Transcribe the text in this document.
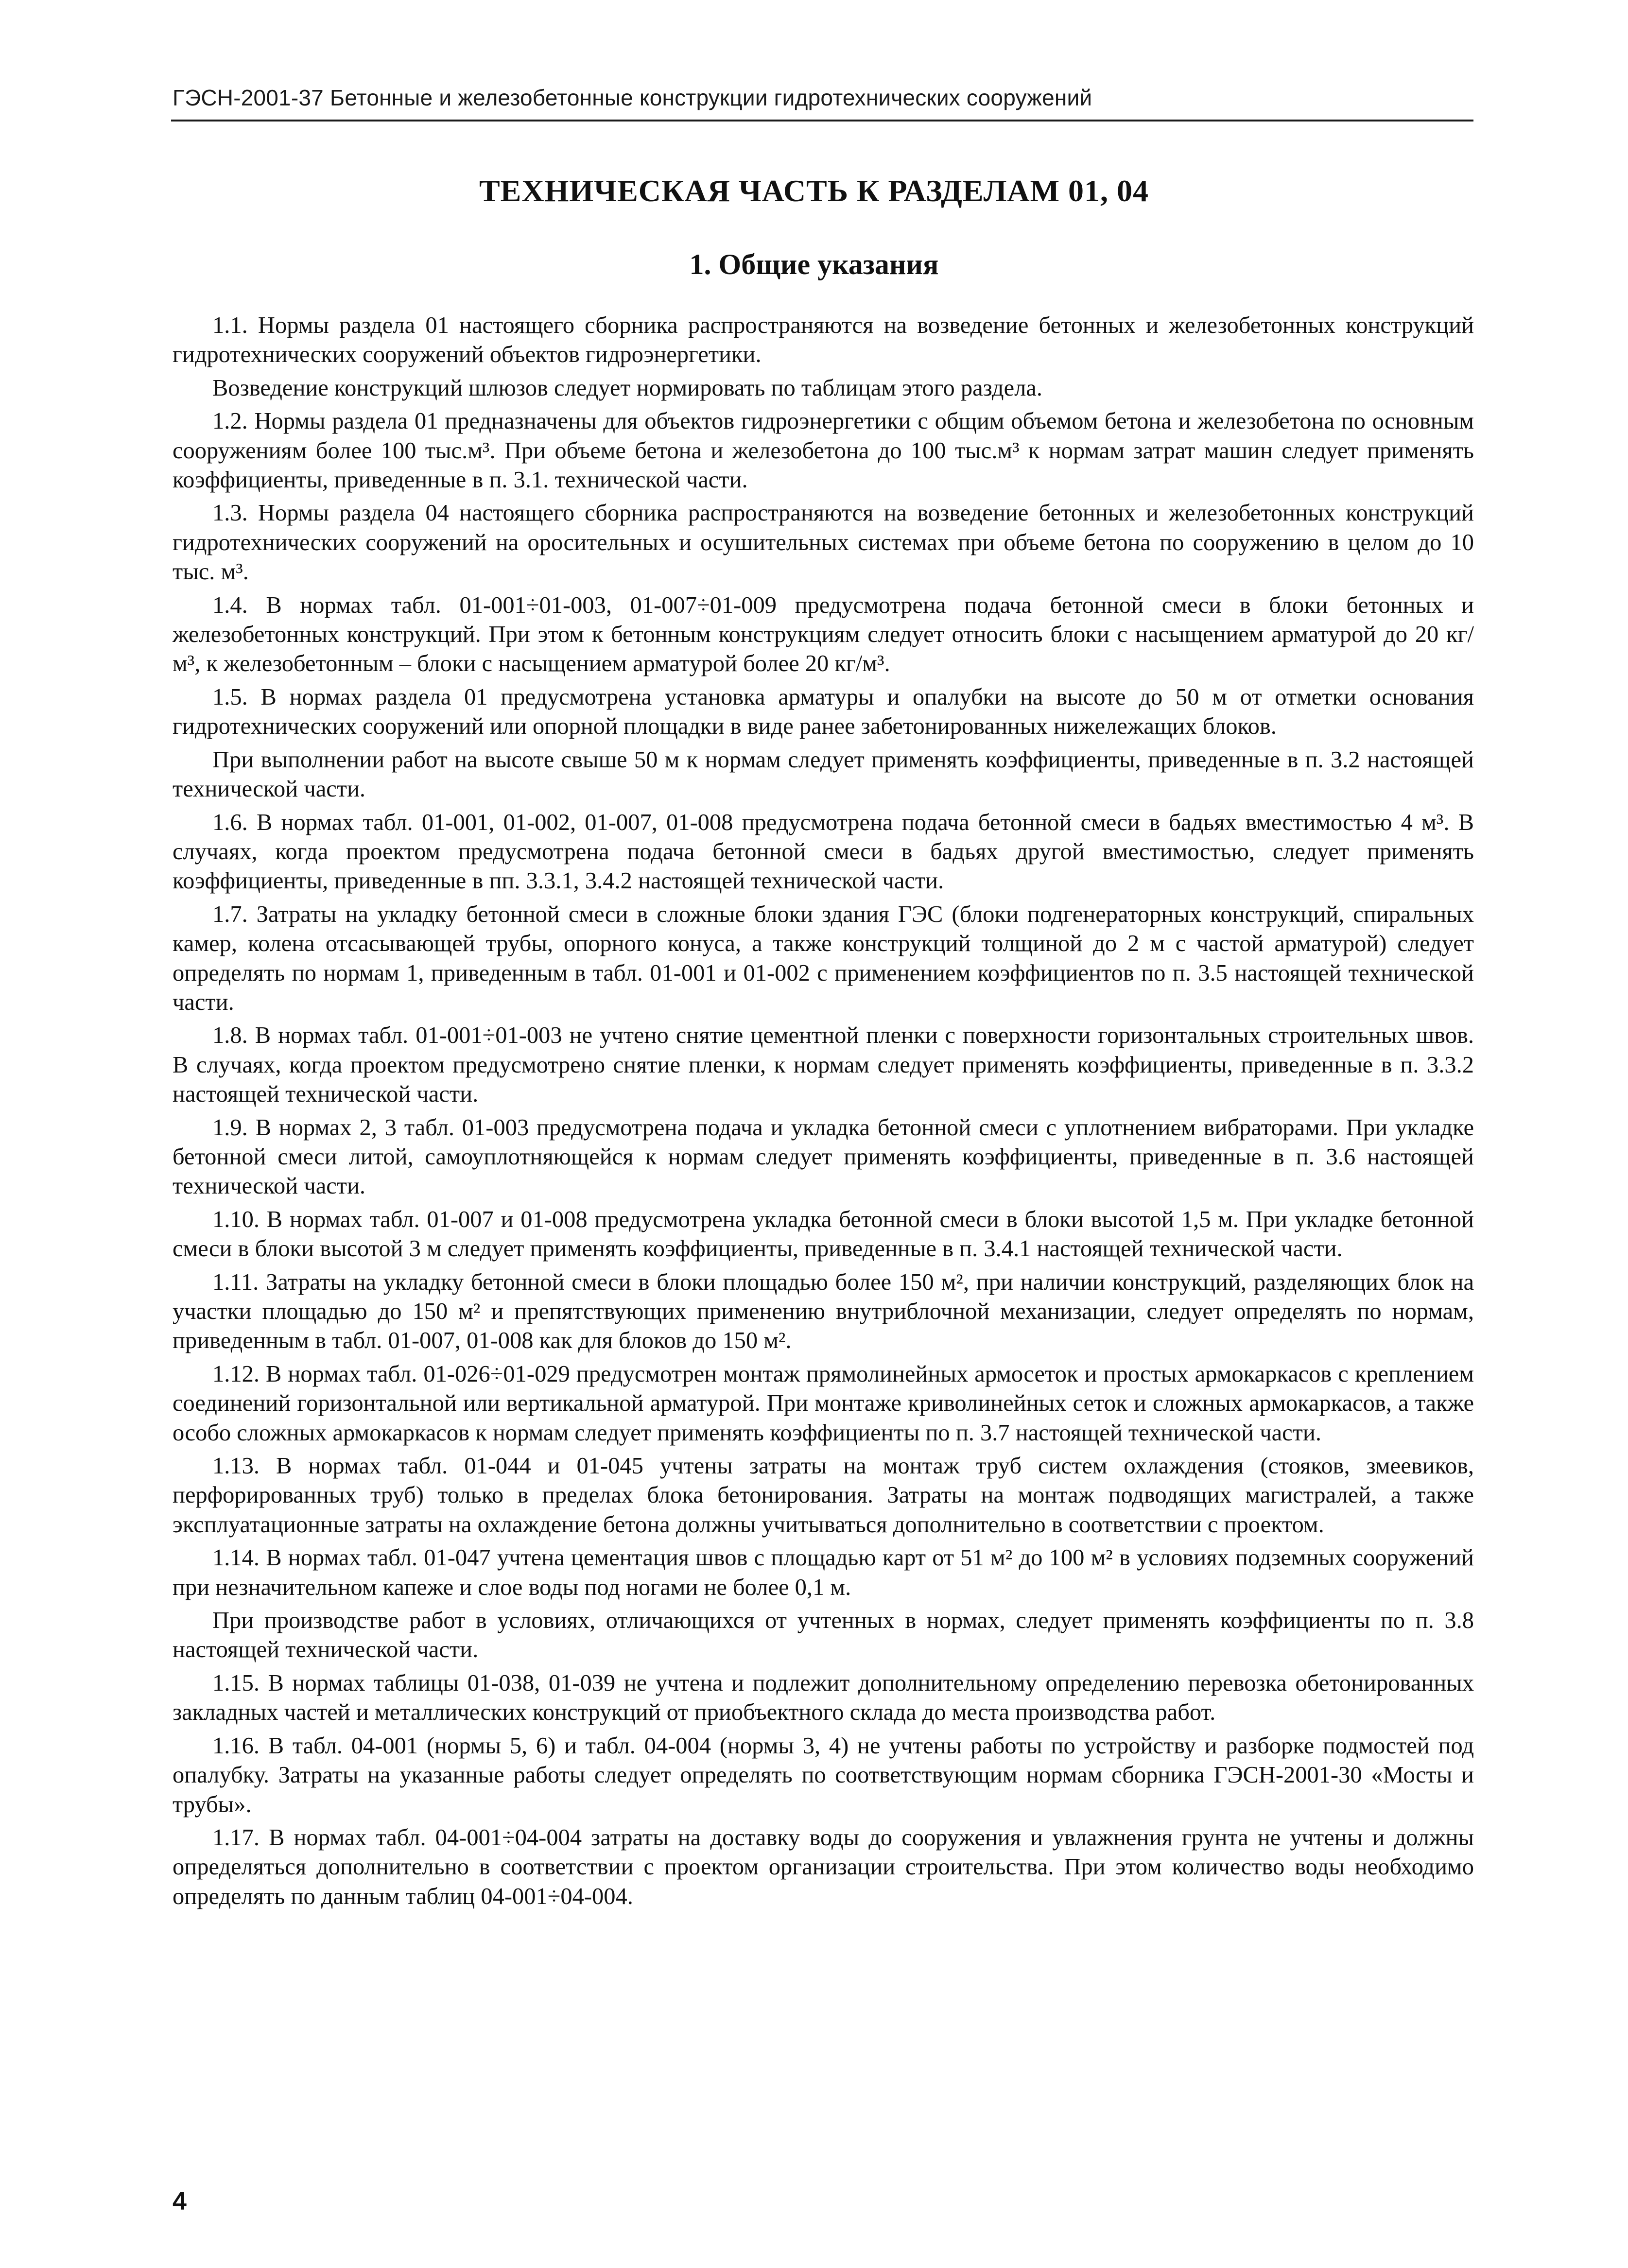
ГЭСН-2001-37 Бетонные и железобетонные конструкции гидротехнических сооружений
ТЕХНИЧЕСКАЯ ЧАСТЬ К РАЗДЕЛАМ 01, 04
1. Общие указания

1.1. Нормы раздела 01 настоящего сборника распространяются на возведение бетонных и железобетонных конструкций гидротехнических сооружений объектов гидроэнергетики.

Возведение конструкций шлюзов следует нормировать по таблицам этого раздела.

1.2. Нормы раздела 01 предназначены для объектов гидроэнергетики с общим объемом бетона и железобетона по основным сооружениям более 100 тыс.м³. При объеме бетона и железобетона до 100 тыс.м³ к нормам затрат машин следует применять коэффициенты, приведенные в п. 3.1. технической части.

1.3. Нормы раздела 04 настоящего сборника распространяются на возведение бетонных и железобетонных конструкций гидротехнических сооружений на оросительных и осушительных системах при объеме бетона по сооружению в целом до 10 тыс. м³.

1.4. В нормах табл. 01-001÷01-003, 01-007÷01-009 предусмотрена подача бетонной смеси в блоки бетонных и железобетонных конструкций. При этом к бетонным конструкциям следует относить блоки с насыщением арматурой до 20 кг/м³, к железобетонным – блоки с насыщением арматурой более 20 кг/м³.

1.5. В нормах раздела 01 предусмотрена установка арматуры и опалубки на высоте до 50 м от отметки основания гидротехнических сооружений или опорной площадки в виде ранее забетонированных нижележащих блоков.

При выполнении работ на высоте свыше 50 м к нормам следует применять коэффициенты, приведенные в п. 3.2 настоящей технической части.

1.6. В нормах табл. 01-001, 01-002, 01-007, 01-008 предусмотрена подача бетонной смеси в бадьях вместимостью 4 м³. В случаях, когда проектом предусмотрена подача бетонной смеси в бадьях другой вместимостью, следует применять коэффициенты, приведенные в пп. 3.3.1, 3.4.2 настоящей технической части.

1.7. Затраты на укладку бетонной смеси в сложные блоки здания ГЭС (блоки подгенераторных конструкций, спиральных камер, колена отсасывающей трубы, опорного конуса, а также конструкций толщиной до 2 м с частой арматурой) следует определять по нормам 1, приведенным в табл. 01-001 и 01-002 с применением коэффициентов по п. 3.5 настоящей технической части.

1.8. В нормах табл. 01-001÷01-003 не учтено снятие цементной пленки с поверхности горизонтальных строительных швов. В случаях, когда проектом предусмотрено снятие пленки, к нормам следует применять коэффициенты, приведенные в п. 3.3.2 настоящей технической части.

1.9. В нормах 2, 3 табл. 01-003 предусмотрена подача и укладка бетонной смеси с уплотнением вибраторами. При укладке бетонной смеси литой, самоуплотняющейся к нормам следует применять коэффициенты, приведенные в п. 3.6 настоящей технической части.

1.10. В нормах табл. 01-007 и 01-008 предусмотрена укладка бетонной смеси в блоки высотой 1,5 м. При укладке бетонной смеси в блоки высотой 3 м следует применять коэффициенты, приведенные в п. 3.4.1 настоящей технической части.

1.11. Затраты на укладку бетонной смеси в блоки площадью более 150 м², при наличии конструкций, разделяющих блок на участки площадью до 150 м² и препятствующих применению внутриблочной механизации, следует определять по нормам, приведенным в табл. 01-007, 01-008 как для блоков до 150 м².

1.12. В нормах табл. 01-026÷01-029 предусмотрен монтаж прямолинейных армосеток и простых армокаркасов с креплением соединений горизонтальной или вертикальной арматурой. При монтаже криволинейных сеток и сложных армокаркасов, а также особо сложных армокаркасов к нормам следует применять коэффициенты по п. 3.7 настоящей технической части.

1.13. В нормах табл. 01-044 и 01-045 учтены затраты на монтаж труб систем охлаждения (стояков, змеевиков, перфорированных труб) только в пределах блока бетонирования. Затраты на монтаж подводящих магистралей, а также эксплуатационные затраты на охлаждение бетона должны учитываться дополнительно в соответствии с проектом.

1.14. В нормах табл. 01-047 учтена цементация швов с площадью карт от 51 м² до 100 м² в условиях подземных сооружений при незначительном капеже и слое воды под ногами не более 0,1 м.

При производстве работ в условиях, отличающихся от учтенных в нормах, следует применять коэффициенты по п. 3.8 настоящей технической части.

1.15. В нормах таблицы 01-038, 01-039 не учтена и подлежит дополнительному определению перевозка обетонированных закладных частей и металлических конструкций от приобъектного склада до места производства работ.

1.16. В табл. 04-001 (нормы 5, 6) и табл. 04-004 (нормы 3, 4) не учтены работы по устройству и разборке подмостей под опалубку. Затраты на указанные работы следует определять по соответствующим нормам сборника ГЭСН-2001-30 «Мосты и трубы».

1.17. В нормах табл. 04-001÷04-004 затраты на доставку воды до сооружения и увлажнения грунта не учтены и должны определяться дополнительно в соответствии с проектом организации строительства. При этом количество воды необходимо определять по данным таблиц 04-001÷04-004.

4
